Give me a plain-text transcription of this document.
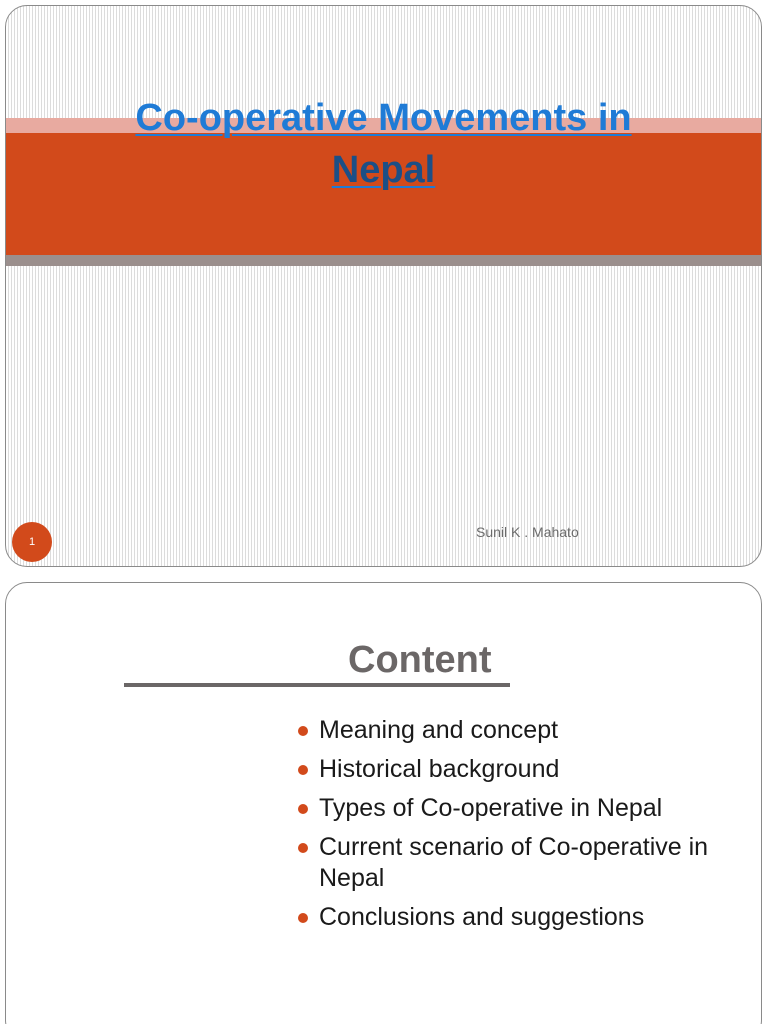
Co-operative Movements in
Nepal
Sunil K . Mahato
1
Content
Meaning and concept
Historical background
Types of Co-operative in Nepal
Current scenario of Co-operative in Nepal
Conclusions and suggestions
